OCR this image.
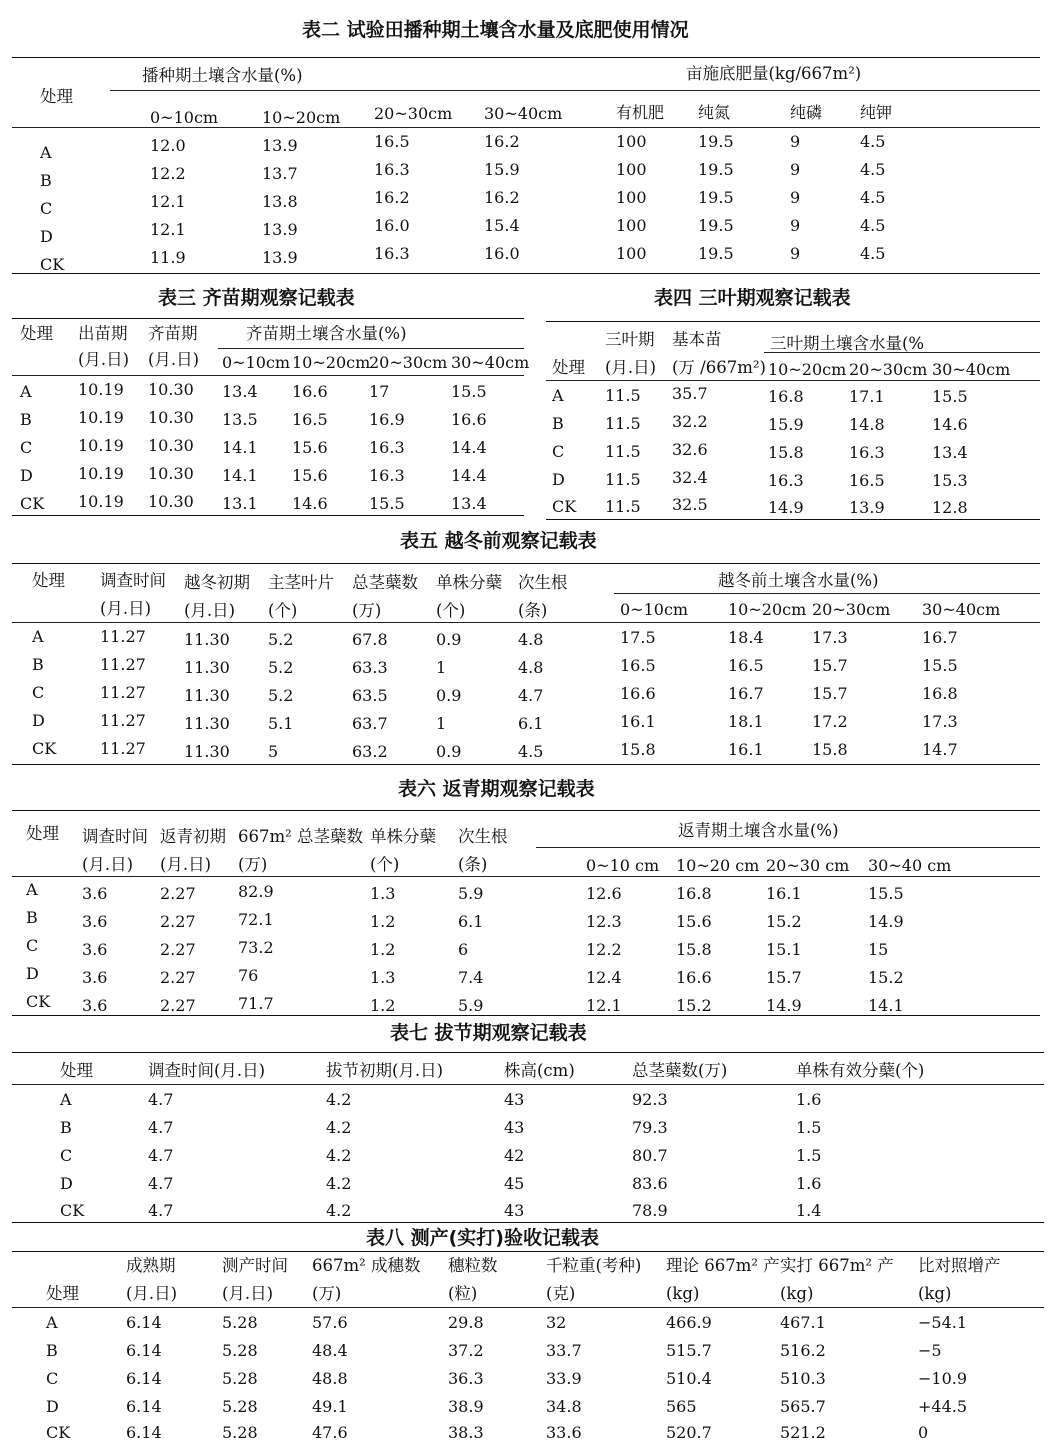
表二 试验田播种期土壤含水量及底肥使用情况
处理
播种期土壤含水量(%)	亩施底肥量(kg/667m²)
0~10cm	10~20cm 20~30cm 30~40cm	有机肥 纯氮	纯磷 纯钾
A	12.0	13.9	16.5	16.2	100	19.5	9	4.5
B	12.2	13.7	16.3	15.9	100	19.5	9	4.5
C	12.1	13.8	16.2	16.2	100	19.5	9	4.5
D	12.1	13.9	16.0	15.4	100	19.5	9	4.5
CK	11.9	13.9	16.3	16.0	100	19.5	9	4.5
表三 齐苗期观察记载表
处理 出苗期
(月.日)
齐苗期
(月.日)
齐苗期土壤含水量(%)
0~10cm 10~20cm
20~30cm 30~40cm
A	10.19 10.30 13.4 16.6	17	15.5
B	10.19 10.30 13.5 16.5	16.9	16.6
C	10.19 10.30 14.1 15.6	16.3	14.4
D	10.19 10.30 14.1 15.6	16.3	14.4
CK 10.19 10.30 13.1 14.6	15.5	13.4
表四 三叶期观察记载表
三叶期 基本苗	三叶期土壤含水量(%
处理 (月.日) (万 /667m²) 10~20cm 20~30cm 30~40cm
A	11.5 35.7	16.8	17.1	15.5
B	11.5 32.2	15.9	14.8	14.6
C	11.5 32.6	15.8	16.3	13.4
D	11.5 32.4	16.3	16.5	15.3
CK 11.5 32.5	14.9	13.9	12.8
表五 越冬前观察记载表
处理 调查时间
(月.日)
越冬初期
(月.日)
主茎叶片
(个)
总茎蘖数
(万)
单株分蘖
(个)
次生根
(条)
越冬前土壤含水量(%)
0~10cm 10~20cm 20~30cm 30~40cm
A	11.27 11.30 5.2	67.8	0.9	4.8	17.5	18.4	17.3	16.7
B	11.27 11.30 5.2	63.3	1	4.8	16.5	16.5	15.7	15.5
C	11.27 11.30 5.2	63.5	0.9	4.7	16.6	16.7	15.7	16.8
D	11.27 11.30 5.1	63.7	1	6.1	16.1	18.1	17.2	17.3
CK	11.27 11.30 5	63.2	0.9	4.5	15.8	16.1	15.8	14.7
表六 返青期观察记载表
处理 调查时间
(月.日)
返青初期
(月.日)
667m² 总茎蘖数
(万)
单株分蘖
(个)
次生根
(条)
返青期土壤含水量(%)
0~10 cm 10~20 cm 20~30 cm 30~40 cm
A	3.6	2.27	82.9	1.3	5.9	12.6	16.8	16.1	15.5
B	3.6	2.27	72.1	1.2	6.1	12.3	15.6	15.2	14.9
C	3.6	2.27	73.2	1.2	6	12.2	15.8	15.1	15
D	3.6	2.27	76	1.3	7.4	12.4	16.6	15.7	15.2
CK 3.6	2.27	71.7	1.2	5.9	12.1	15.2	14.9	14.1
表七 拔节期观察记载表
处理	调查时间(月.日)	拔节初期(月.日)	株高(cm)	总茎蘖数(万)	单株有效分蘖(个)
A	4.7	4.2	43	92.3	1.6
B	4.7	4.2	43	79.3	1.5
C	4.7	4.2	42	80.7	1.5
D	4.7	4.2	45	83.6	1.6
CK	4.7	4.2	43	78.9	1.4
表八 测产(实打)验收记载表
处理
成熟期	测产时间 667m² 成穗数 穗粒数	千粒重(考种) 理论 667m² 产 实打 667m² 产 比对照增产
(月.日)	(月.日) (万)	(粒)	(克)	(kg)	(kg)	(kg)
A	6.14	5.28	57.6	29.8	32	466.9	467.1	−54.1
B	6.14	5.28	48.4	37.2	33.7	515.7	516.2	−5
C	6.14	5.28	48.8	36.3	33.9	510.4	510.3	−10.9
D	6.14	5.28	49.1	38.9	34.8	565	565.7	+44.5
CK	6.14	5.28	47.6	38.3	33.6	520.7	521.2	0
